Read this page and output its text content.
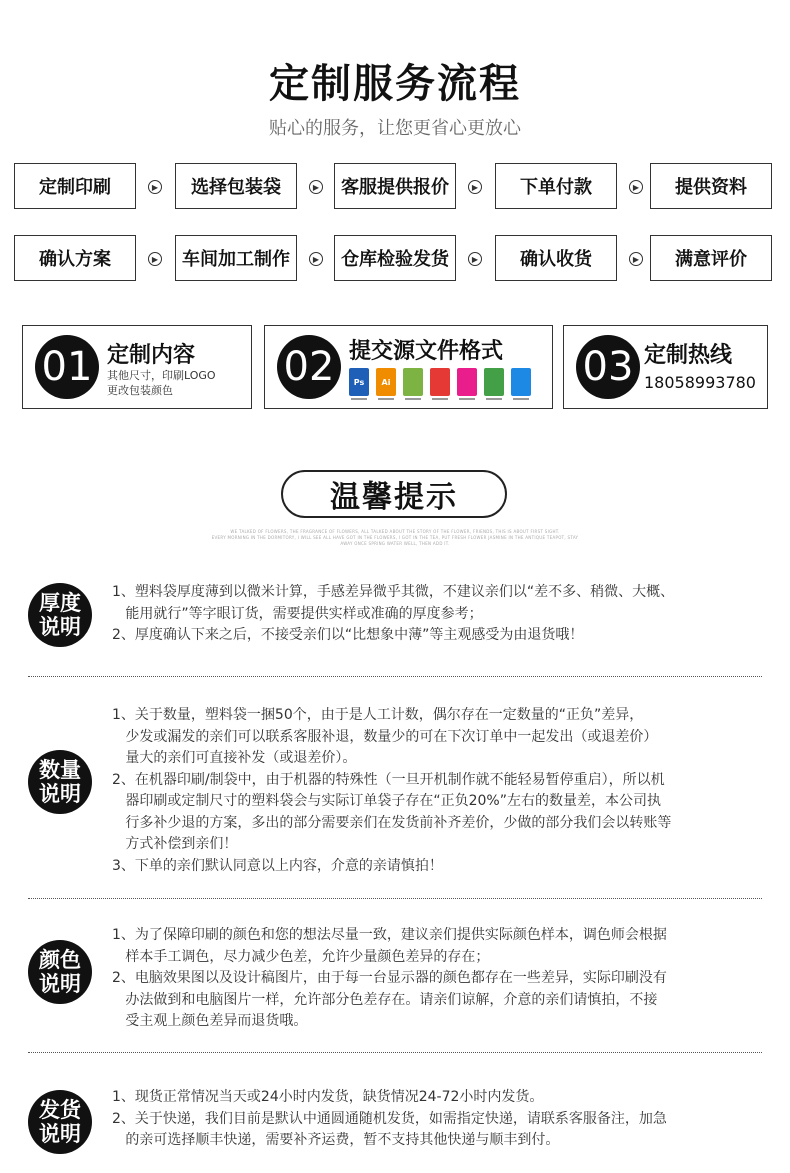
定制服务流程
贴心的服务，让您更省心更放心
定制印刷	▶	选择包装袋	▶	客服提供报价	▶	下单付款	▶	提供资料
确认方案	▶	车间加工制作	▶	仓库检验发货	▶	确认收货	▶	满意评价
01 定制内容
其他尺寸，印刷LOGO
更改包装颜色
02 提交源文件格式
Ps	Ai	03 定制热线
18058993780
温馨提示
WE TALKED OF FLOWERS, THE FRAGRANCE OF FLOWERS, ALL TALKED ABOUT THE STORY OF THE FLOWER, FRIENDS, THIS IS ABOUT FIRST SIGHT.
EVERY MORNING IN THE DORMITORY, I WILL SEE ALL HAVE GOT IN THE FLOWERS, I GOT IN THE TEA, PUT FRESH FLOWER JASMINE IN THE ANTIQUE TEAPOT, STAY
AWAY ONCE SPRING WATER WELL, THEN ADD IT.
厚度
说明

1、塑料袋厚度薄到以微米计算，手感差异微乎其微，不建议亲们以“差不多、稍微、大概、

能用就行”等字眼订货，需要提供实样或准确的厚度参考；

2、厚度确认下来之后，不接受亲们以“比想象中薄”等主观感受为由退货哦！

数量
说明

1、关于数量，塑料袋一捆50个，由于是人工计数，偶尔存在一定数量的“正负”差异，

少发或漏发的亲们可以联系客服补退，数量少的可在下次订单中一起发出（或退差价）

量大的亲们可直接补发（或退差价）。

2、在机器印刷/制袋中，由于机器的特殊性（一旦开机制作就不能轻易暂停重启），所以机

器印刷或定制尺寸的塑料袋会与实际订单袋子存在“正负20%”左右的数量差，本公司执

行多补少退的方案，多出的部分需要亲们在发货前补齐差价，少做的部分我们会以转账等

方式补偿到亲们！

3、下单的亲们默认同意以上内容，介意的亲请慎拍！

颜色
说明

1、为了保障印刷的颜色和您的想法尽量一致，建议亲们提供实际颜色样本，调色师会根据

样本手工调色，尽力减少色差，允许少量颜色差异的存在；

2、电脑效果图以及设计稿图片，由于每一台显示器的颜色都存在一些差异，实际印刷没有

办法做到和电脑图片一样，允许部分色差存在。请亲们谅解，介意的亲们请慎拍，不接

受主观上颜色差异而退货哦。

发货
说明

1、现货正常情况当天或24小时内发货，缺货情况24-72小时内发货。

2、关于快递，我们目前是默认中通圆通随机发货，如需指定快递，请联系客服备注，加急

的亲可选择顺丰快递，需要补齐运费，暂不支持其他快递与顺丰到付。
